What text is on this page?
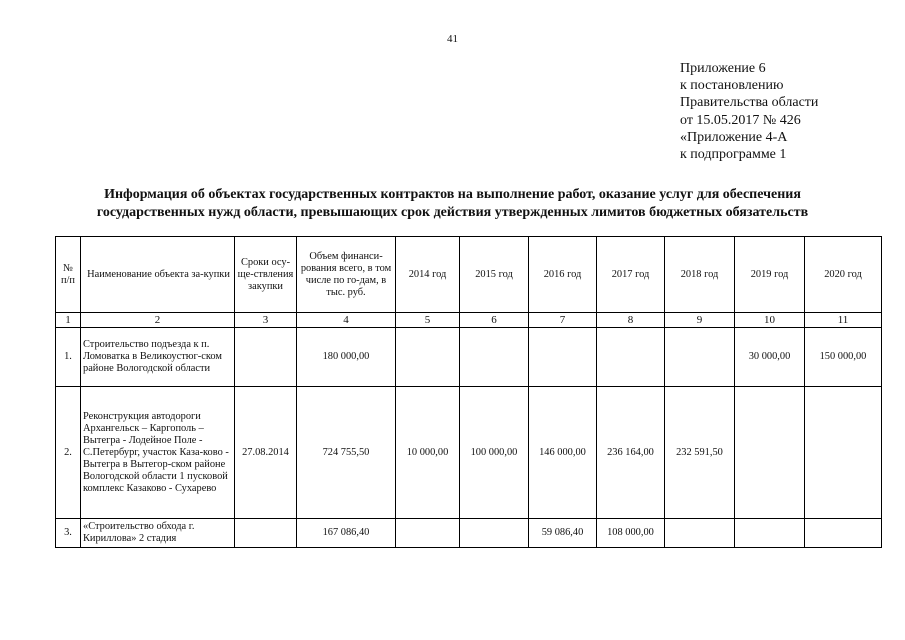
41
Приложение 6
к постановлению
Правительства области
от 15.05.2017 № 426
«Приложение 4-А
к подпрограмме 1
Информация об объектах государственных контрактов на выполнение работ, оказание услуг для обеспечения
государственных нужд области, превышающих срок действия утвержденных лимитов бюджетных обязательств
№ п/п	Наименование объекта за-купки	Сроки осу-ще-ствления закупки	Объем финанси-рования всего, в том числе по го-дам, в тыс. руб.	2014 год	2015 год	2016 год	2017 год	2018 год	2019 год	2020 год
1	2	3	4	5	6	7	8	9	10	11
1.	Строительство подъезда к п. Ломоватка в Великоустюг-ском районе Вологодской области		180 000,00						30 000,00	150 000,00
2.	Реконструкция автодороги Архангельск – Каргополь – Вытегра - Лодейное Поле - С.Петербург, участок Каза-ково - Вытегра в Вытегор-ском районе Вологодской области 1 пусковой комплекс Казаково - Сухарево	27.08.2014	724 755,50	10 000,00	100 000,00	146 000,00	236 164,00	232 591,50		
3.	«Строительство обхода г. Кириллова» 2 стадия		167 086,40			59 086,40	108 000,00			
